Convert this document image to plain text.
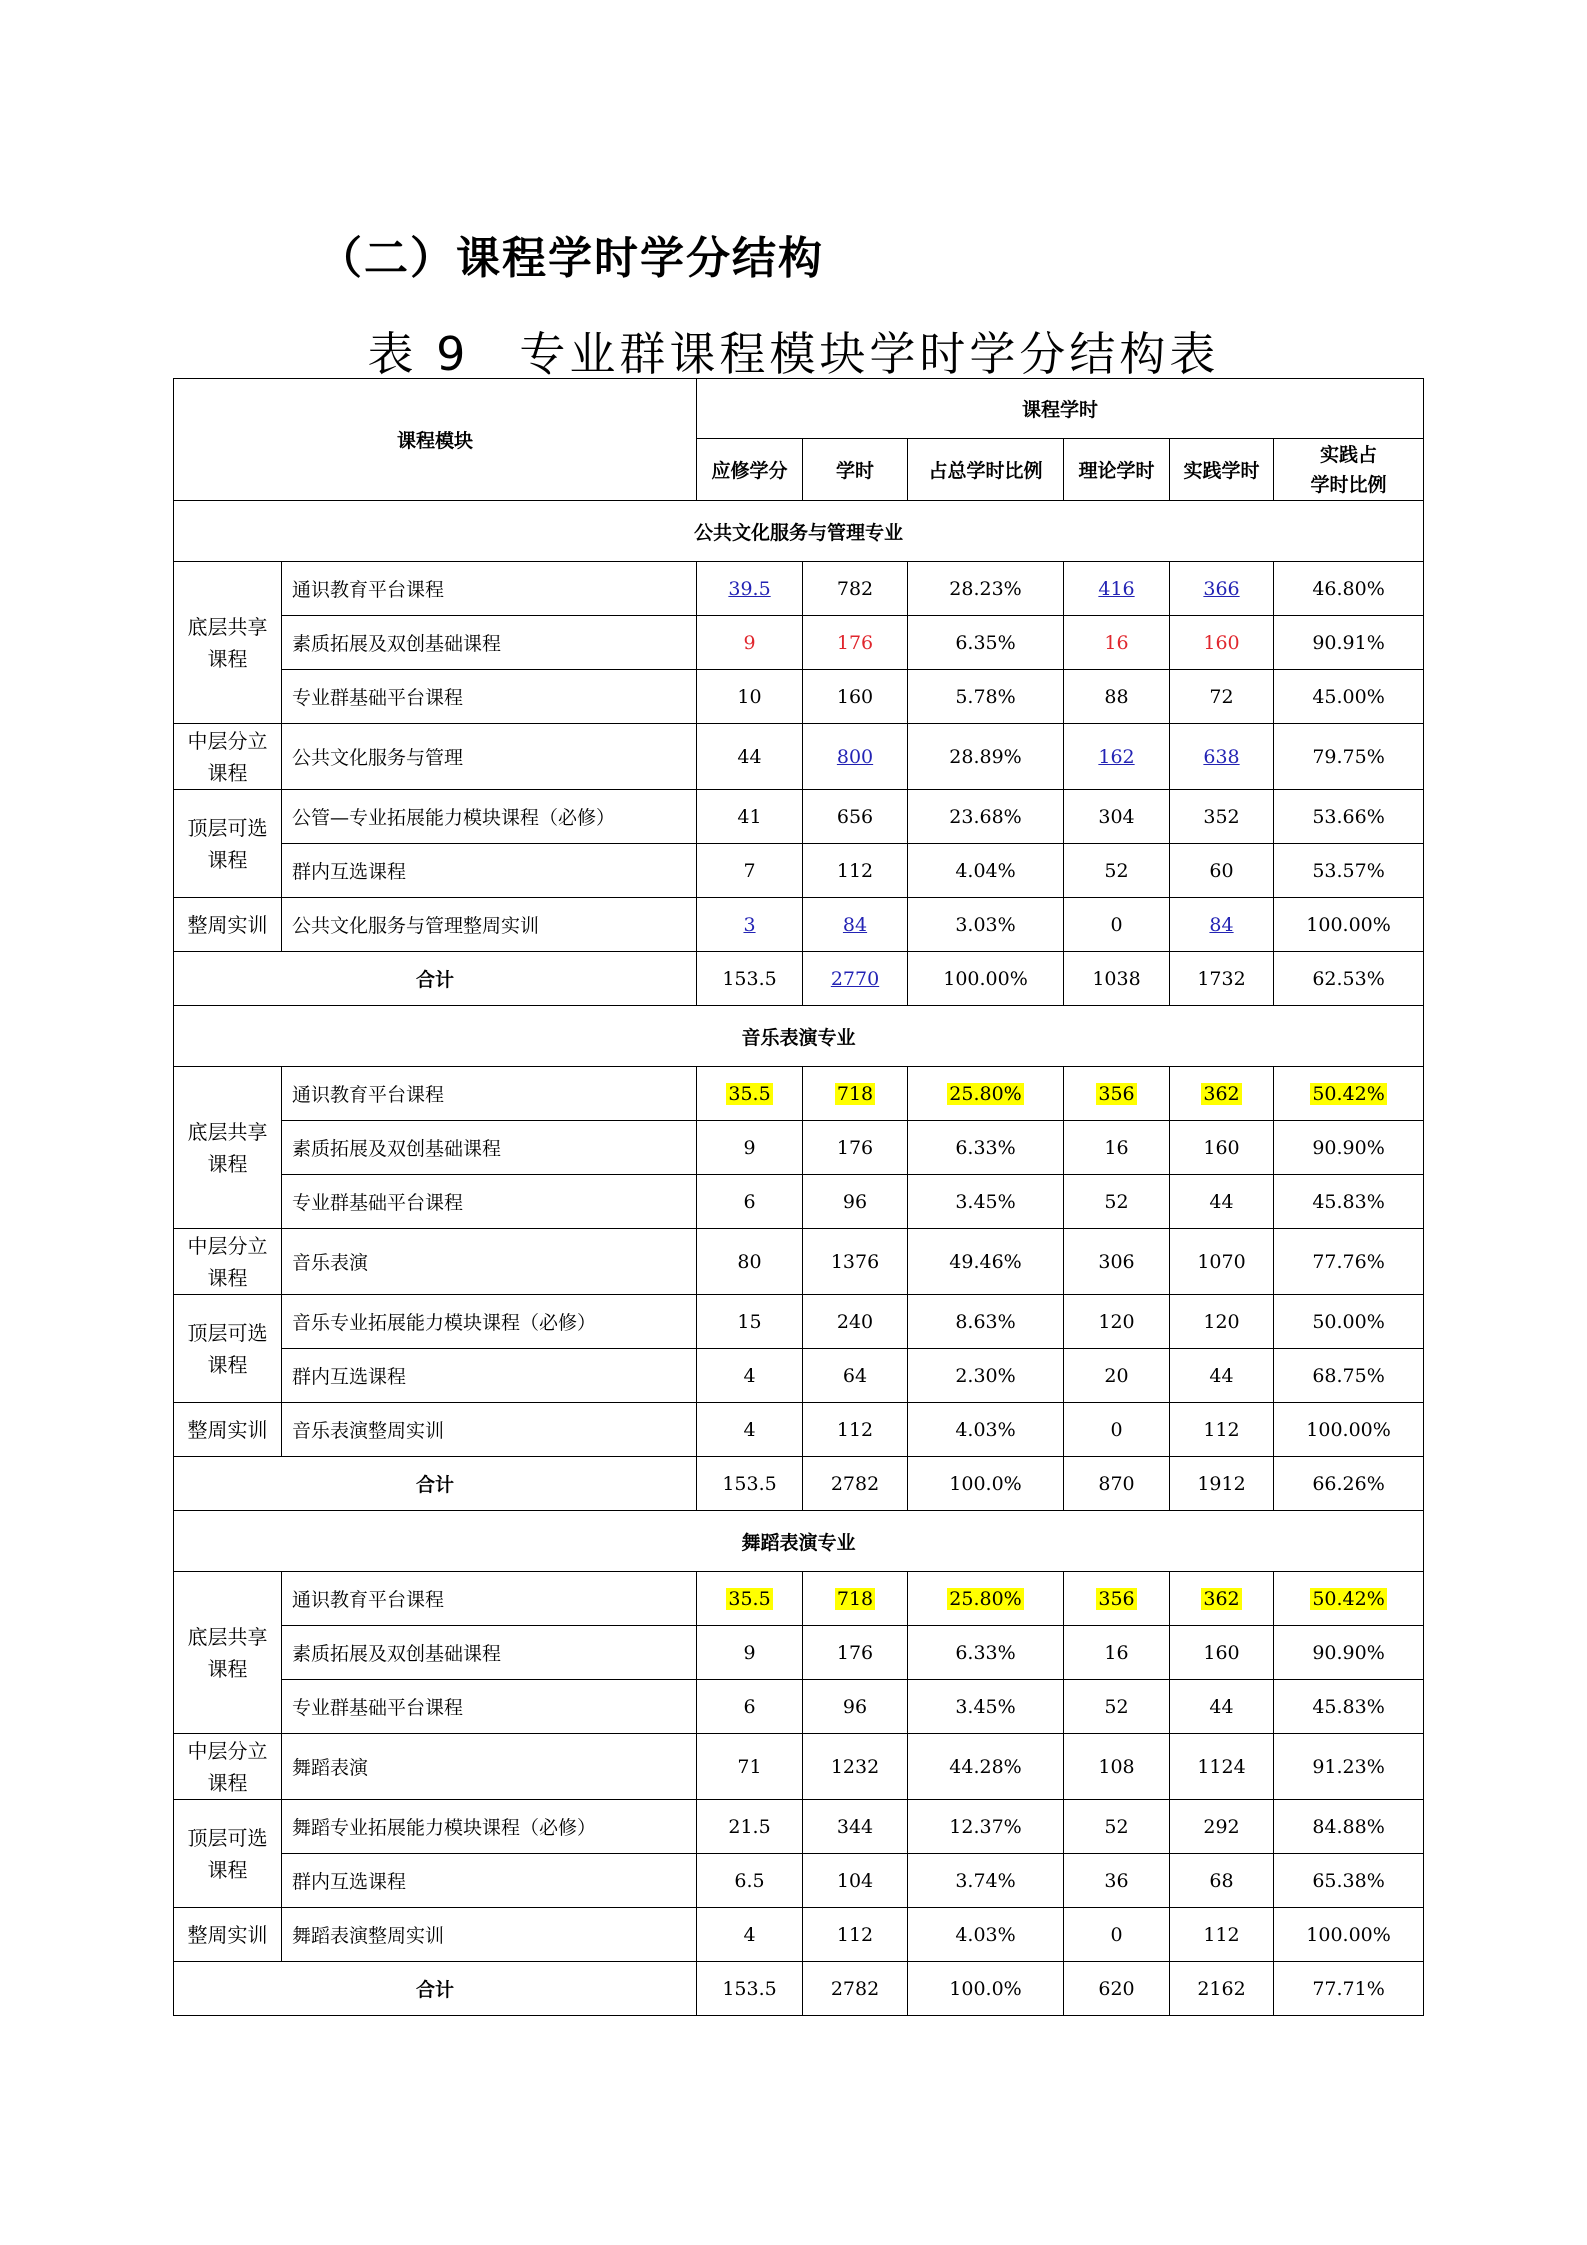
（二）课程学时学分结构
表 9　专业群课程模块学时学分结构表
课程模块		课程学时					
		应修学分	学时	占总学时比例	理论学时	实践学时	实践占
学时比例
公共文化服务与管理专业							
底层共享课程	通识教育平台课程	39.5	782	28.23%	416	366	46.80%
	素质拓展及双创基础课程	9	176	6.35%	16	160	90.91%
	专业群基础平台课程	10	160	5.78%	88	72	45.00%
中层分立课程	公共文化服务与管理	44	800	28.89%	162	638	79.75%
顶层可选课程	公管—专业拓展能力模块课程（必修）	41	656	23.68%	304	352	53.66%
	群内互选课程	7	112	4.04%	52	60	53.57%
整周实训	公共文化服务与管理整周实训	3	84	3.03%	0	84	100.00%
合计		153.5	2770	100.00%	1038	1732	62.53%
音乐表演专业							
底层共享课程	通识教育平台课程	35.5	718	25.80%	356	362	50.42%
	素质拓展及双创基础课程	9	176	6.33%	16	160	90.90%
	专业群基础平台课程	6	96	3.45%	52	44	45.83%
中层分立课程	音乐表演	80	1376	49.46%	306	1070	77.76%
顶层可选课程	音乐专业拓展能力模块课程（必修）	15	240	8.63%	120	120	50.00%
	群内互选课程	4	64	2.30%	20	44	68.75%
整周实训	音乐表演整周实训	4	112	4.03%	0	112	100.00%
合计		153.5	2782	100.0%	870	1912	66.26%
舞蹈表演专业							
底层共享课程	通识教育平台课程	35.5	718	25.80%	356	362	50.42%
	素质拓展及双创基础课程	9	176	6.33%	16	160	90.90%
	专业群基础平台课程	6	96	3.45%	52	44	45.83%
中层分立课程	舞蹈表演	71	1232	44.28%	108	1124	91.23%
顶层可选课程	舞蹈专业拓展能力模块课程（必修）	21.5	344	12.37%	52	292	84.88%
	群内互选课程	6.5	104	3.74%	36	68	65.38%
整周实训	舞蹈表演整周实训	4	112	4.03%	0	112	100.00%
合计		153.5	2782	100.0%	620	2162	77.71%
